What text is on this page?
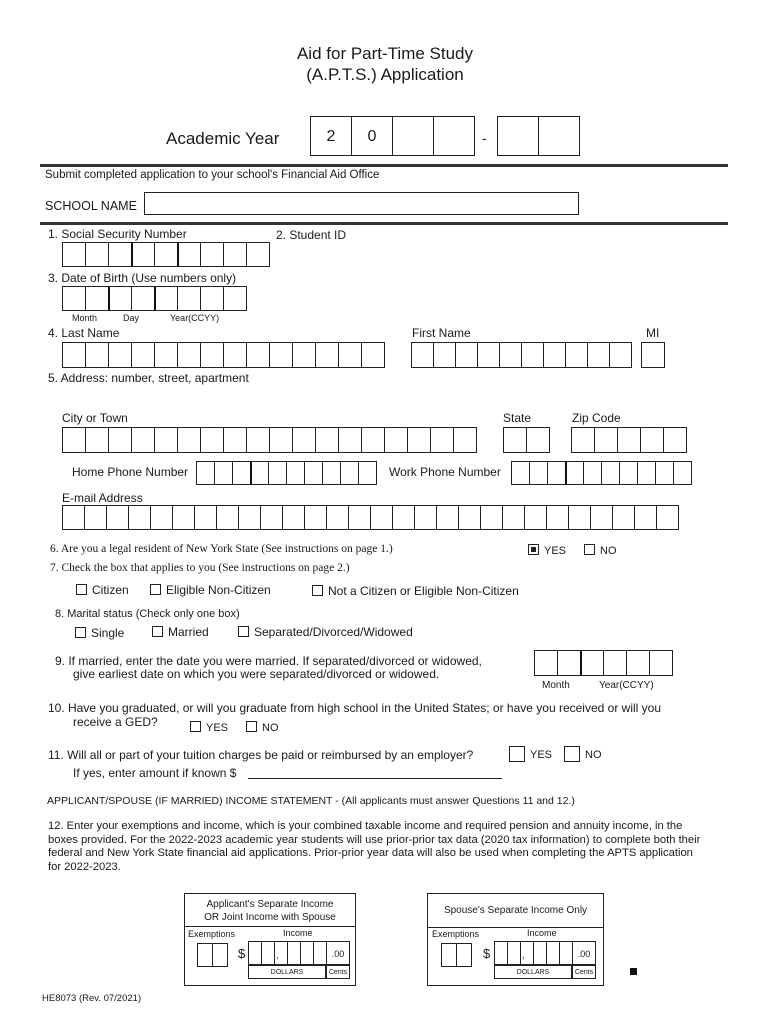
Aid for Part-Time Study
(A.P.T.S.) Application
Academic Year	2	0	-
Submit completed application to your school's Financial Aid Office
SCHOOL NAME
1. Social Security Number	2. Student ID
3. Date of Birth (Use numbers only)
Month	Day	Year(CCYY)
4. Last Name	First Name	MI
5. Address: number, street, apartment
City or Town	State	Zip Code
Home Phone Number	Work Phone Number
E-mail Address
6. Are you a legal resident of New York State (See instructions on page 1.)	YES	NO
7. Check the box that applies to you (See instructions on page 2.)
Citizen	Eligible Non-Citizen	Not a Citizen or Eligible Non-Citizen
8. Marital status (Check only one box)
Single	Married	Separated/Divorced/Widowed
9. If married, enter the date you were married. If separated/divorced or widowed,
give earliest date on which you were separated/divorced or widowed.
Month	Year(CCYY)
10. Have you graduated, or will you graduate from high school in the United States; or have you received or will you
receive a GED?	YES	NO
11. Will all or part of your tuition charges be paid or reimbursed by an employer?	YES	NO
If yes, enter amount if known $
APPLICANT/SPOUSE (IF MARRIED) INCOME STATEMENT - (All applicants must answer Questions 11 and 12.)
12. Enter your exemptions and income, which is your combined taxable income and required pension and annuity income, in the boxes provided. For the 2022-2023 academic year students will use prior-prior tax data (2020 tax information) to complete both their federal and New York State financial aid applications. Prior-prior year data will also be used when completing the APTS application for 2022-2023.
Applicant's Separate Income
OR Joint Income with Spouse
Exemptions	Income
$	,	.00
DOLLARS	Cents
Spouse's Separate Income Only
Exemptions	Income
$	,	.00
DOLLARS	Cents
HE8073 (Rev. 07/2021)
